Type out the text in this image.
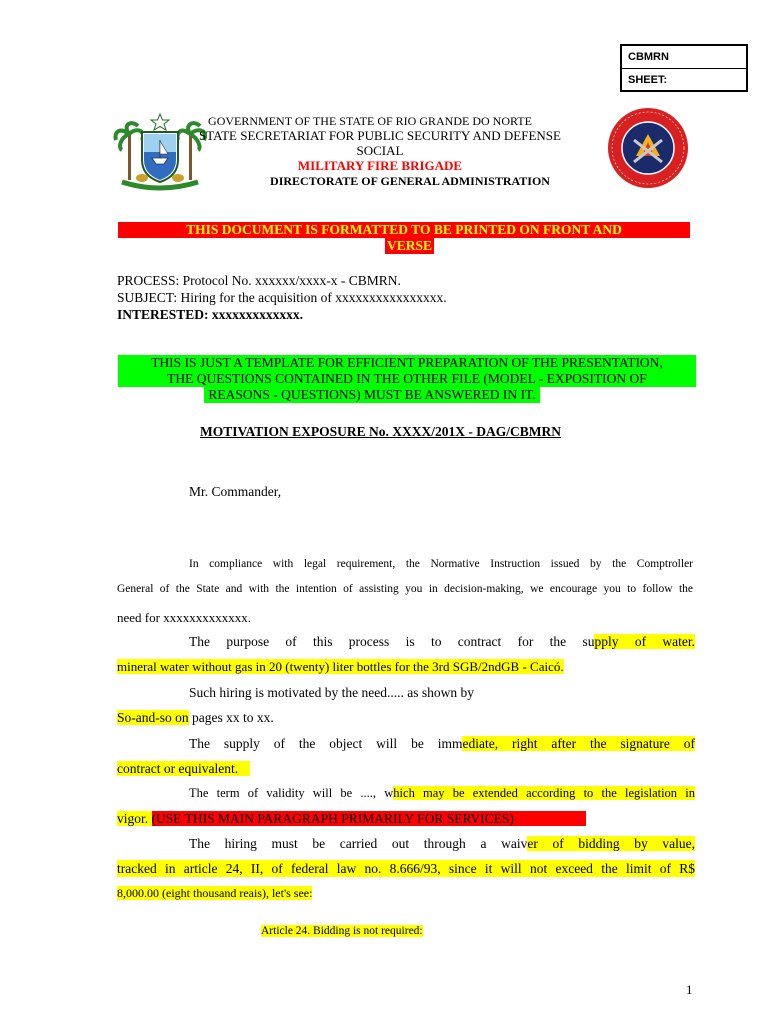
CBMRN
SHEET:
GOVERNMENT OF THE STATE OF RIO GRANDE DO NORTE
STATE SECRETARIAT FOR PUBLIC SECURITY AND DEFENSE
SOCIAL
MILITARY FIRE BRIGADE
DIRECTORATE OF GENERAL ADMINISTRATION
THIS DOCUMENT IS FORMATTED TO BE PRINTED ON FRONT AND
VERSE
PROCESS: Protocol No. xxxxxx/xxxx-x - CBMRN.
SUBJECT: Hiring for the acquisition of xxxxxxxxxxxxxxxx.
INTERESTED: xxxxxxxxxxxxx.
THIS IS JUST A TEMPLATE FOR EFFICIENT PREPARATION OF THE PRESENTATION,
THE QUESTIONS CONTAINED IN THE OTHER FILE (MODEL - EXPOSITION OF
REASONS - QUESTIONS) MUST BE ANSWERED IN IT.
MOTIVATION EXPOSURE No. XXXX/201X - DAG/CBMRN
Mr. Commander,
In compliance with legal requirement, the Normative Instruction issued by the Comptroller
General of the State and with the intention of assisting you in decision-making, we encourage you to follow the
need for xxxxxxxxxxxxx.
The purpose of this process is to contract for the supply of water.
mineral water without gas in 20 (twenty) liter bottles for the 3rd SGB/2ndGB - Caicó.
Such hiring is motivated by the need..... as shown by
So-and-so on pages xx to xx.
The supply of the object will be immediate, right after the signature of
contract or equivalent.
The term of validity will be ...., which may be extended according to the legislation in
vigor. (USE THIS MAIN PARAGRAPH PRIMARILY FOR SERVICES)
The hiring must be carried out through a waiver of bidding by value,
tracked in article 24, II, of federal law no. 8.666/93, since it will not exceed the limit of R$
8,000.00 (eight thousand reais), let's see:
Article 24. Bidding is not required:
1
